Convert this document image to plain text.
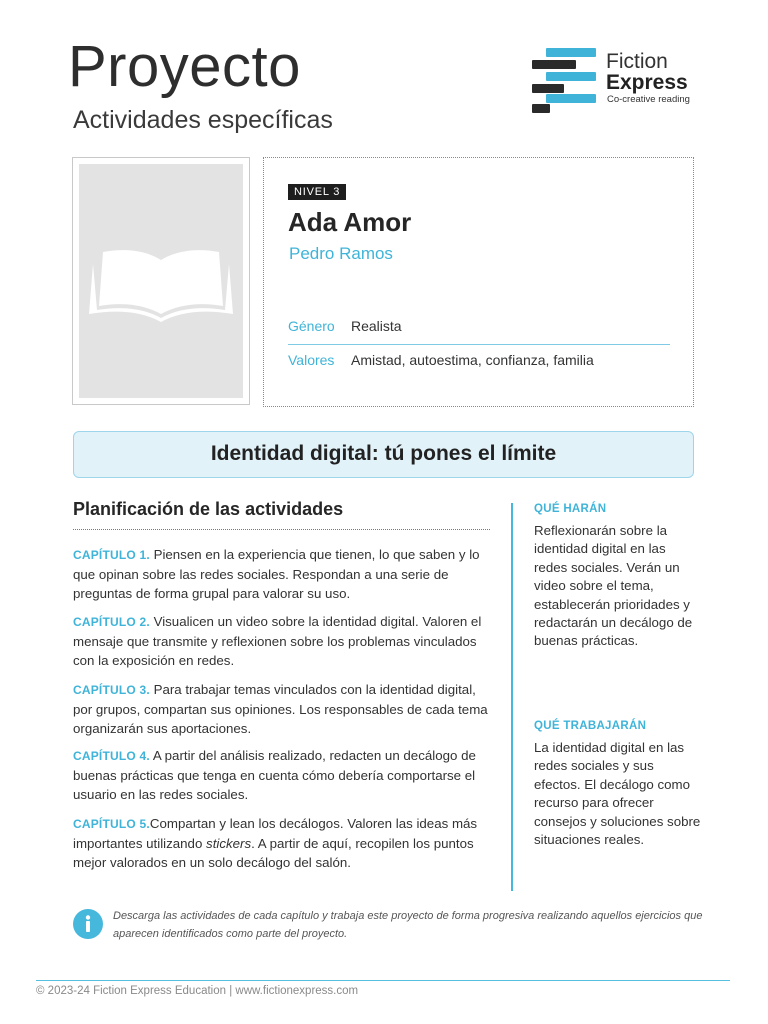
Proyecto
Actividades específicas
Fiction
Express
Co-creative reading
NIVEL 3
Ada Amor
Pedro Ramos
Género Realista
Valores Amistad, autoestima, confianza, familia
Identidad digital: tú pones el límite
Planificación de las actividades
CAPÍTULO 1. Piensen en la experiencia que tienen, lo que saben y lo que opinan sobre las redes sociales. Respondan a una serie de preguntas de forma grupal para valorar su uso.
CAPÍTULO 2. Visualicen un video sobre la identidad digital. Valoren el mensaje que transmite y reflexionen sobre los problemas vinculados con la exposición en redes.
CAPÍTULO 3. Para trabajar temas vinculados con la identidad digital, por grupos, compartan sus opiniones. Los responsables de cada tema organizarán sus aportaciones.
CAPÍTULO 4. A partir del análisis realizado, redacten un decálogo de buenas prácticas que tenga en cuenta cómo debería comportarse el usuario en las redes sociales.
CAPÍTULO 5.Compartan y lean los decálogos. Valoren las ideas más importantes utilizando stickers. A partir de aquí, recopilen los puntos mejor valorados en un solo decálogo del salón.
QUÉ HARÁN
Reflexionarán sobre la identidad digital en las redes sociales. Verán un video sobre el tema, establecerán prioridades y redactarán un decálogo de buenas prácticas.
QUÉ TRABAJARÁN
La identidad digital en las redes sociales y sus efectos. El decálogo como recurso para ofrecer consejos y soluciones sobre situaciones reales.
Descarga las actividades de cada capítulo y trabaja este proyecto de forma progresiva realizando aquellos ejercicios que aparecen identificados como parte del proyecto.
© 2023-24 Fiction Express Education | www.fictionexpress.com
